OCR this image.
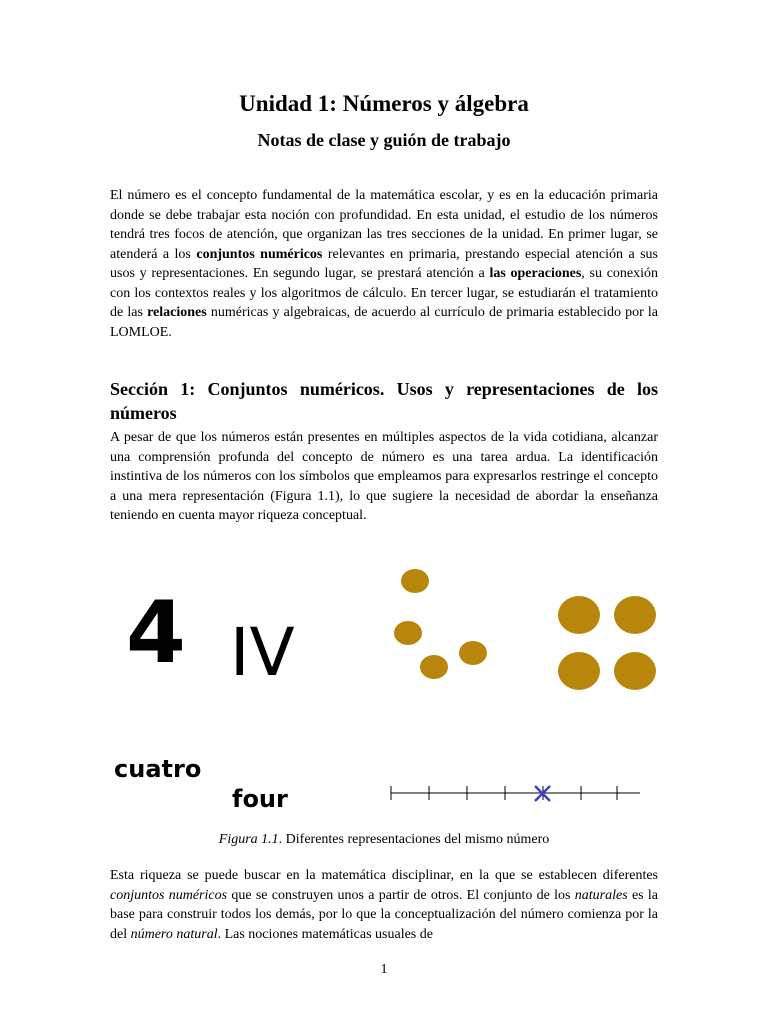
Unidad 1: Números y álgebra
Notas de clase y guión de trabajo

El número es el concepto fundamental de la matemática escolar, y es en la educación primaria donde se debe trabajar esta noción con profundidad. En esta unidad, el estudio de los números tendrá tres focos de atención, que organizan las tres secciones de la unidad. En primer lugar, se atenderá a los conjuntos numéricos relevantes en primaria, prestando especial atención a sus usos y representaciones. En segundo lugar, se prestará atención a las operaciones, su conexión con los contextos reales y los algoritmos de cálculo. En tercer lugar, se estudiarán el tratamiento de las relaciones numéricas y algebraicas, de acuerdo al currículo de primaria establecido por la LOMLOE.

Sección 1: Conjuntos numéricos. Usos y representaciones de los números

A pesar de que los números están presentes en múltiples aspectos de la vida cotidiana, alcanzar una comprensión profunda del concepto de número es una tarea ardua. La identificación instintiva de los números con los símbolos que empleamos para expresarlos restringe el concepto a una mera representación (Figura 1.1), lo que sugiere la necesidad de abordar la enseñanza teniendo en cuenta mayor riqueza conceptual.

4 IV
cuatro
four
Figura 1.1. Diferentes representaciones del mismo número

Esta riqueza se puede buscar en la matemática disciplinar, en la que se establecen diferentes conjuntos numéricos que se construyen unos a partir de otros. El conjunto de los naturales es la base para construir todos los demás, por lo que la conceptualización del número comienza por la del número natural. Las nociones matemáticas usuales de

1
